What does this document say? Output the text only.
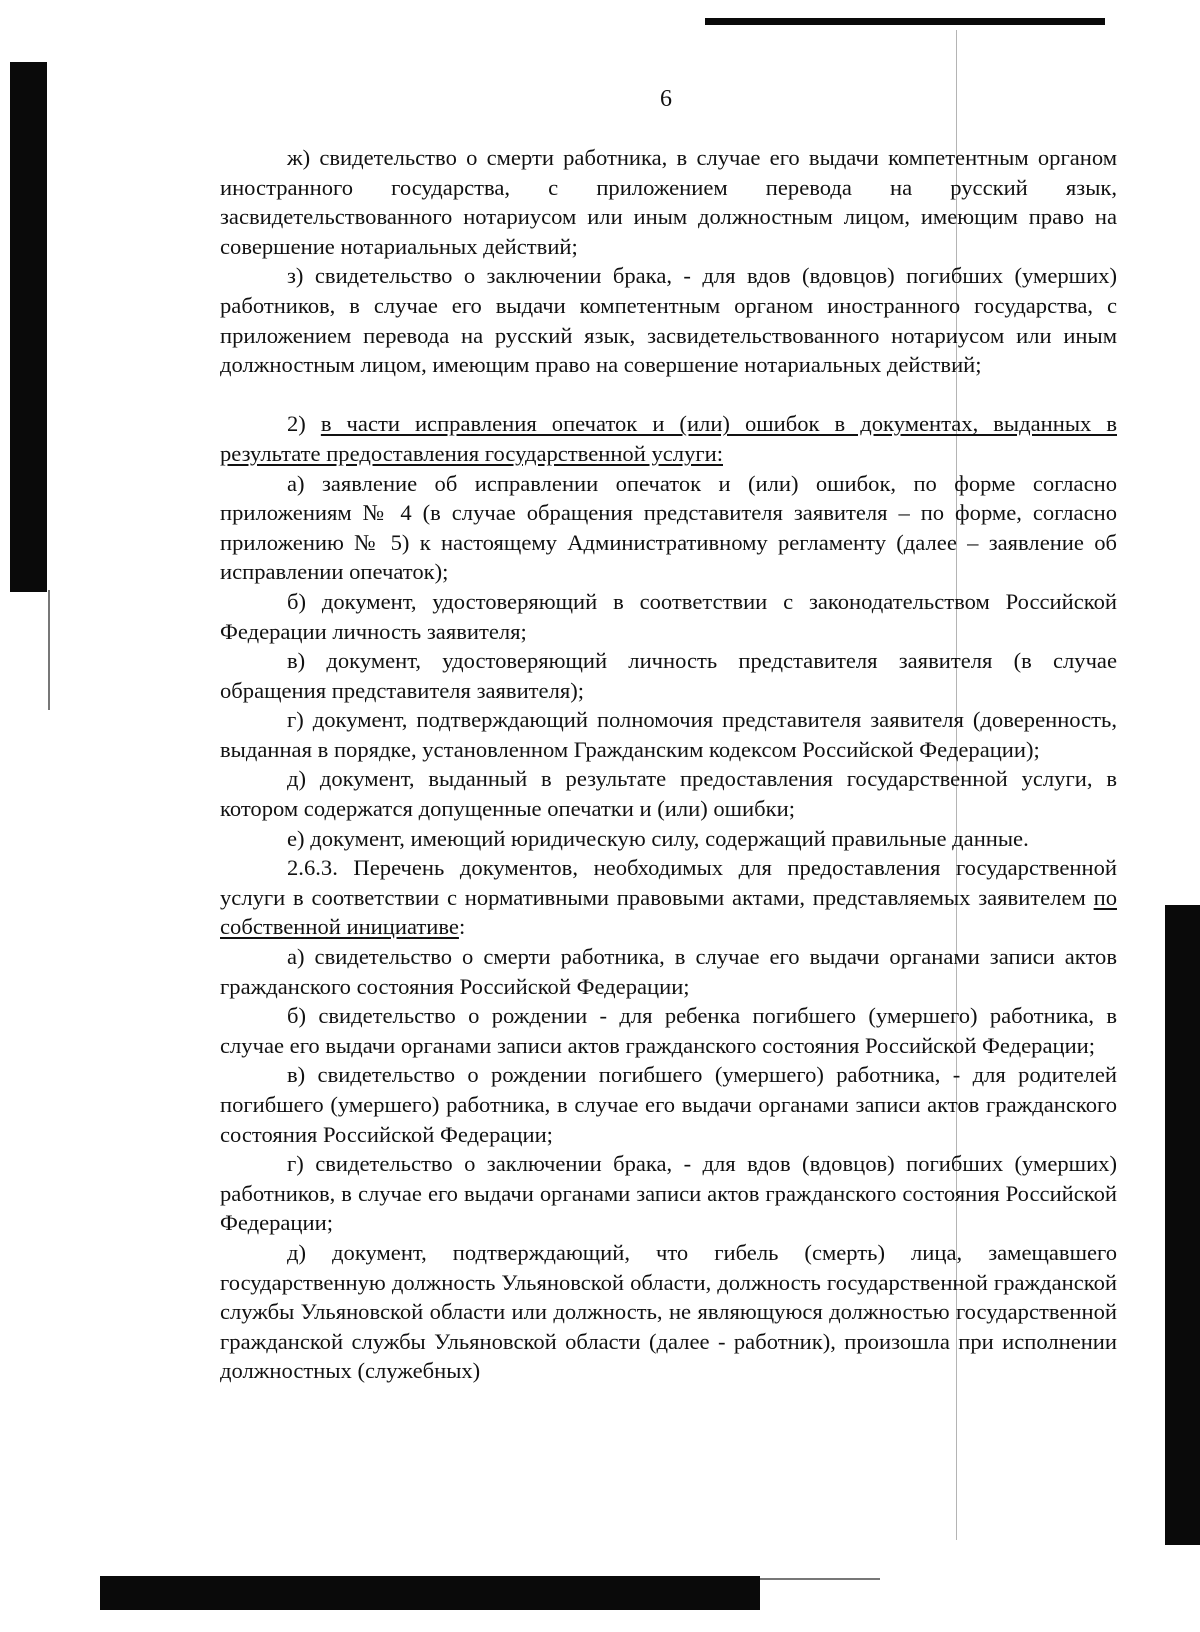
6

ж) свидетельство о смерти работника, в случае его выдачи компетентным органом иностранного государства, с приложением перевода на русский язык, засвидетельствованного нотариусом или иным должностным лицом, имеющим право на совершение нотариальных действий;

з) свидетельство о заключении брака, - для вдов (вдовцов) погибших (умерших) работников, в случае его выдачи компетентным органом иностранного государства, с приложением перевода на русский язык, засвидетельствованного нотариусом или иным должностным лицом, имеющим право на совершение нотариальных действий;

2) в части исправления опечаток и (или) ошибок в документах, выданных в результате предоставления государственной услуги:

а) заявление об исправлении опечаток и (или) ошибок, по форме согласно приложениям № 4 (в случае обращения представителя заявителя – по форме, согласно приложению № 5) к настоящему Административному регламенту (далее – заявление об исправлении опечаток);

б) документ, удостоверяющий в соответствии с законодательством Российской Федерации личность заявителя;

в) документ, удостоверяющий личность представителя заявителя (в случае обращения представителя заявителя);

г) документ, подтверждающий полномочия представителя заявителя (доверенность, выданная в порядке, установленном Гражданским кодексом Российской Федерации);

д) документ, выданный в результате предоставления государственной услуги, в котором содержатся допущенные опечатки и (или) ошибки;

е) документ, имеющий юридическую силу, содержащий правильные данные.

2.6.3. Перечень документов, необходимых для предоставления государственной услуги в соответствии с нормативными правовыми актами, представляемых заявителем по собственной инициативе:

а) свидетельство о смерти работника, в случае его выдачи органами записи актов гражданского состояния Российской Федерации;

б) свидетельство о рождении - для ребенка погибшего (умершего) работника, в случае его выдачи органами записи актов гражданского состояния Российской Федерации;

в) свидетельство о рождении погибшего (умершего) работника, - для родителей погибшего (умершего) работника, в случае его выдачи органами записи актов гражданского состояния Российской Федерации;

г) свидетельство о заключении брака, - для вдов (вдовцов) погибших (умерших) работников, в случае его выдачи органами записи актов гражданского состояния Российской Федерации;

д) документ, подтверждающий, что гибель (смерть) лица, замещавшего государственную должность Ульяновской области, должность государственной гражданской службы Ульяновской области или должность, не являющуюся должностью государственной гражданской службы Ульяновской области (далее - работник), произошла при исполнении должностных (служебных)
